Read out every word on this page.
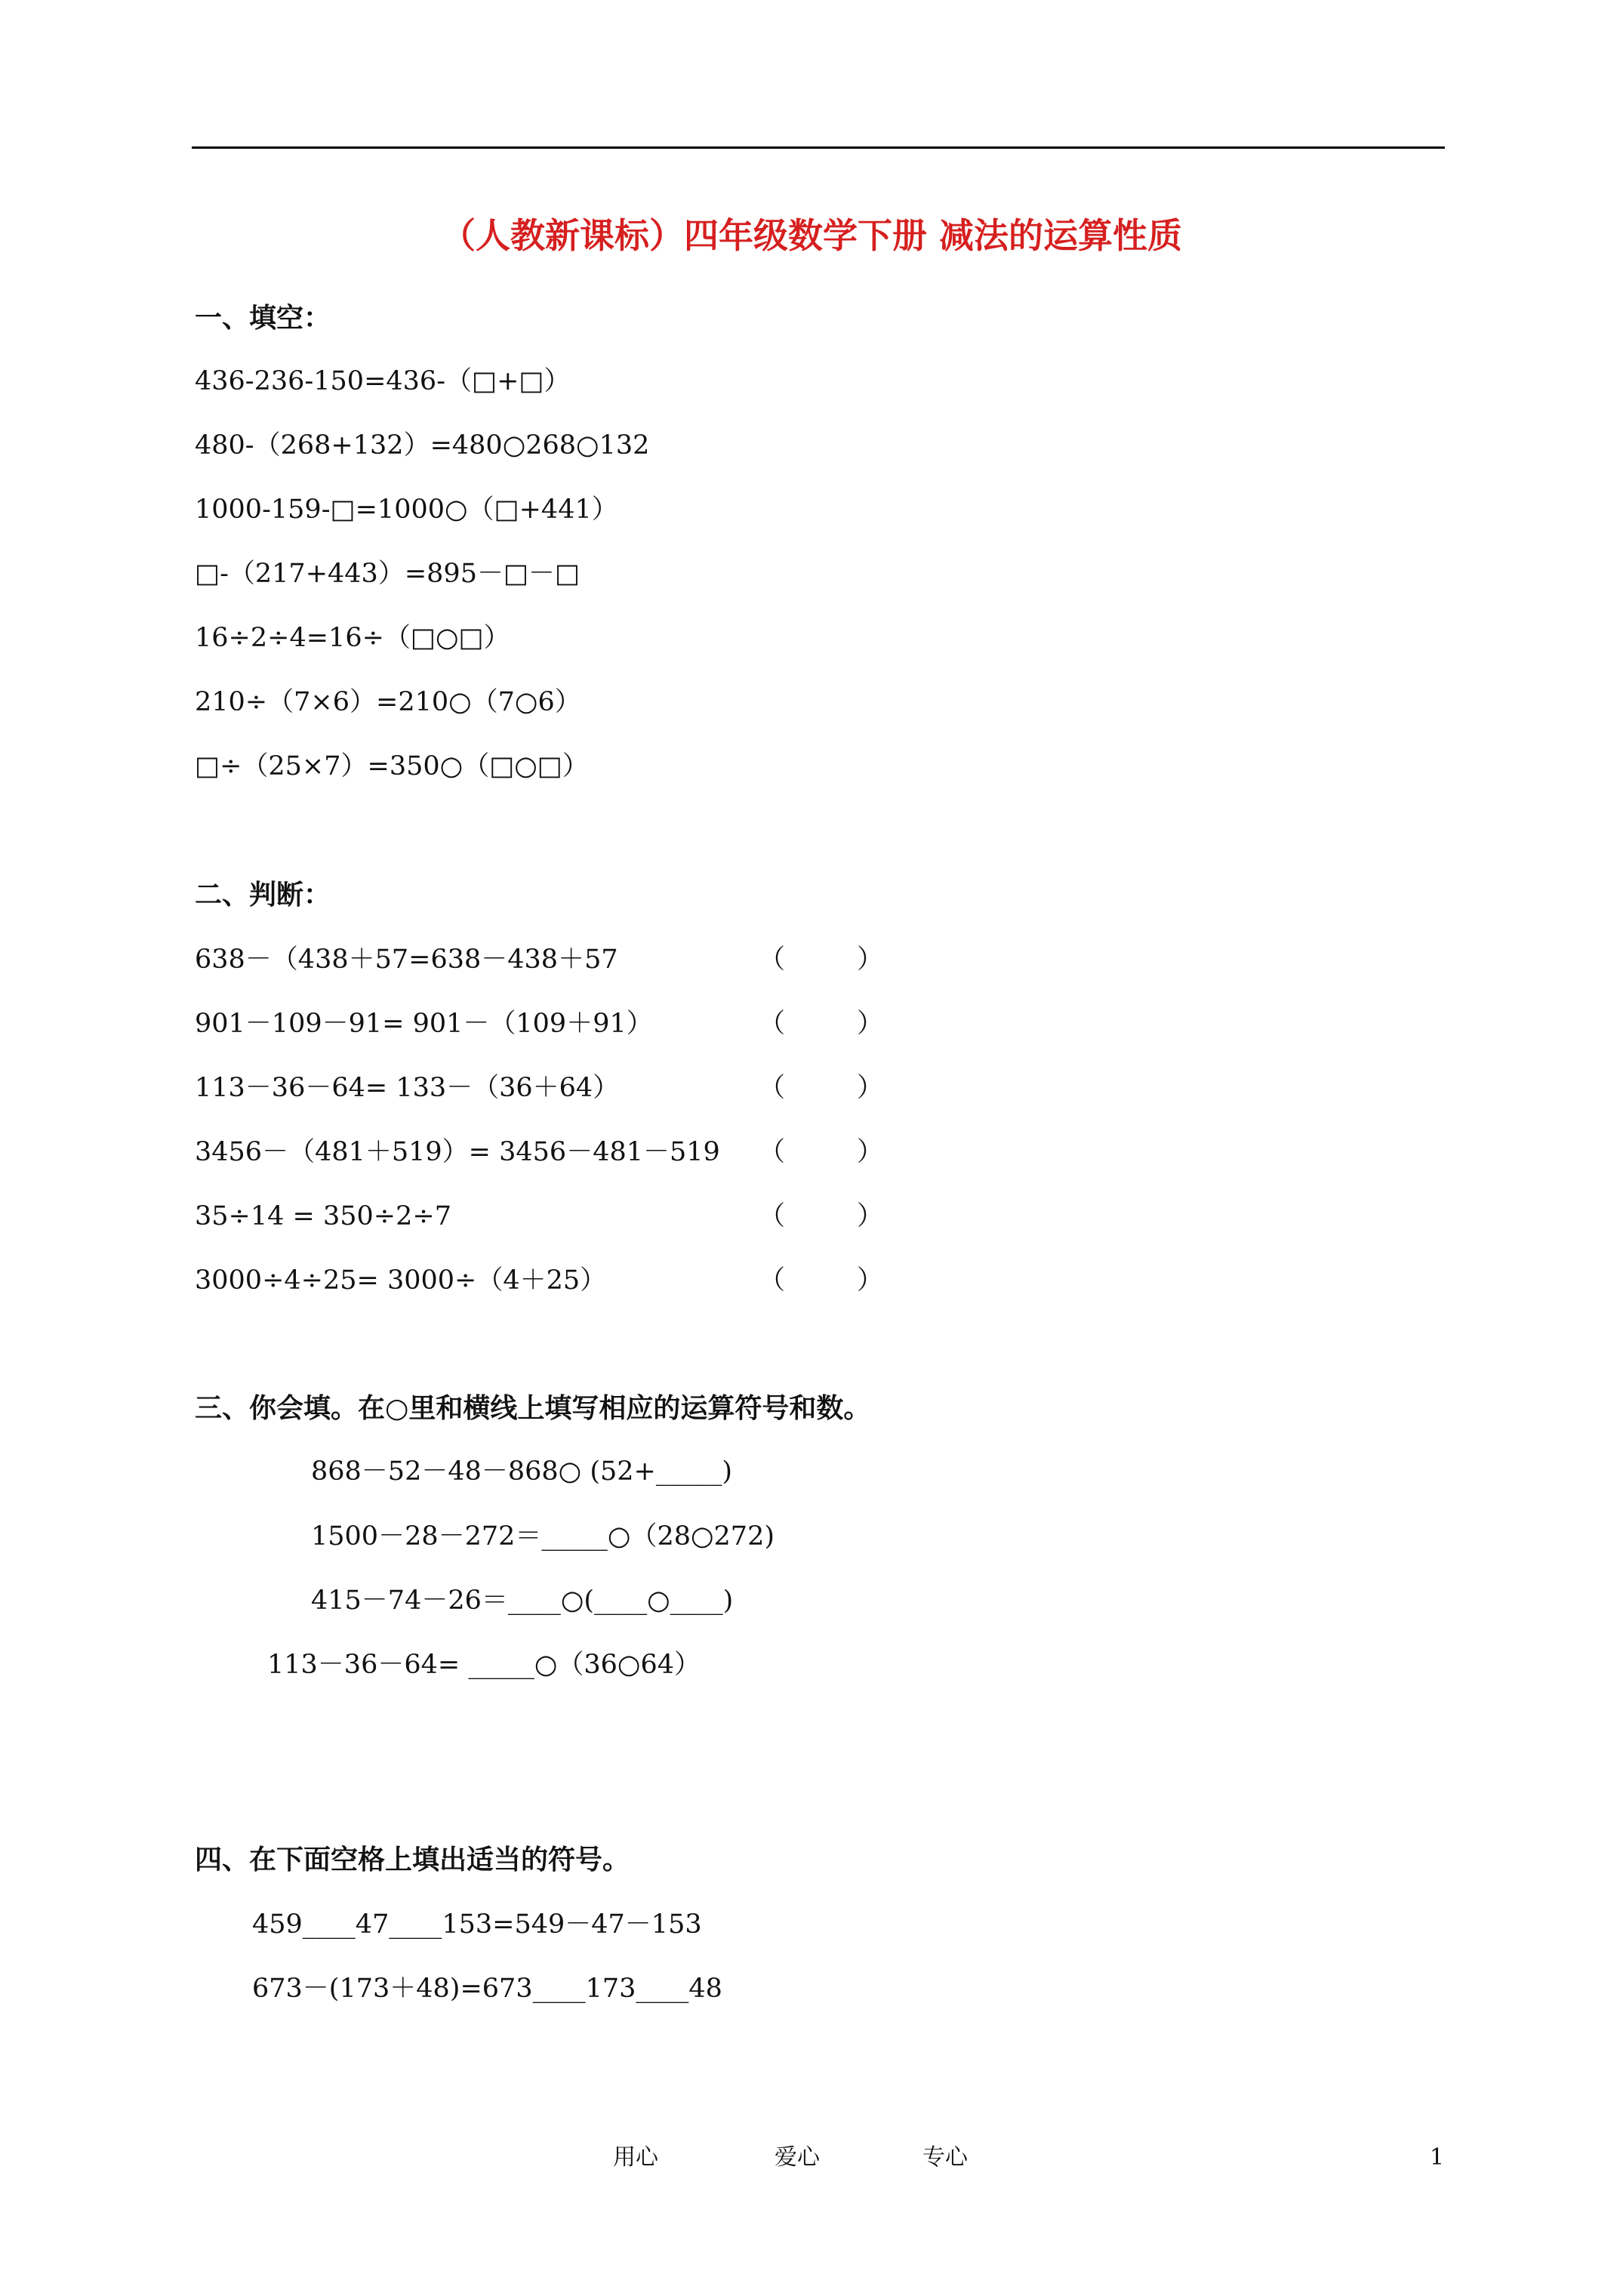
（人教新课标）四年级数学下册 减法的运算性质
一、填空：
436-236-150=436-（□+□）
480-（268+132）=480○268○132
1000-159-□=1000○（□+441）
□-（217+443）=895－□－□
16÷2÷4=16÷（□○□）
210÷（7×6）=210○（7○6）
□÷（25×7）=350○（□○□）
二、判断：
638－（438＋57=638－438＋57	（	）
901－109－91= 901－（109＋91）	（	）
113－36－64= 133－（36＋64）	（	）
3456－（481＋519）= 3456－481－519 （	）
35÷14 = 350÷2÷7	（	）
3000÷4÷25= 3000÷（4＋25）	（	）
三、你会填。在○里和横线上填写相应的运算符号和数。
868－52－48－868○ (52+_____)
1500－28－272＝_____○（28○272)
415－74－26＝____○(____○____)
113－36－64= _____○（36○64）
四、在下面空格上填出适当的符号。
459____47____153=549－47－153
673－(173＋48)=673____173____48
用心	爱心	专心	1
